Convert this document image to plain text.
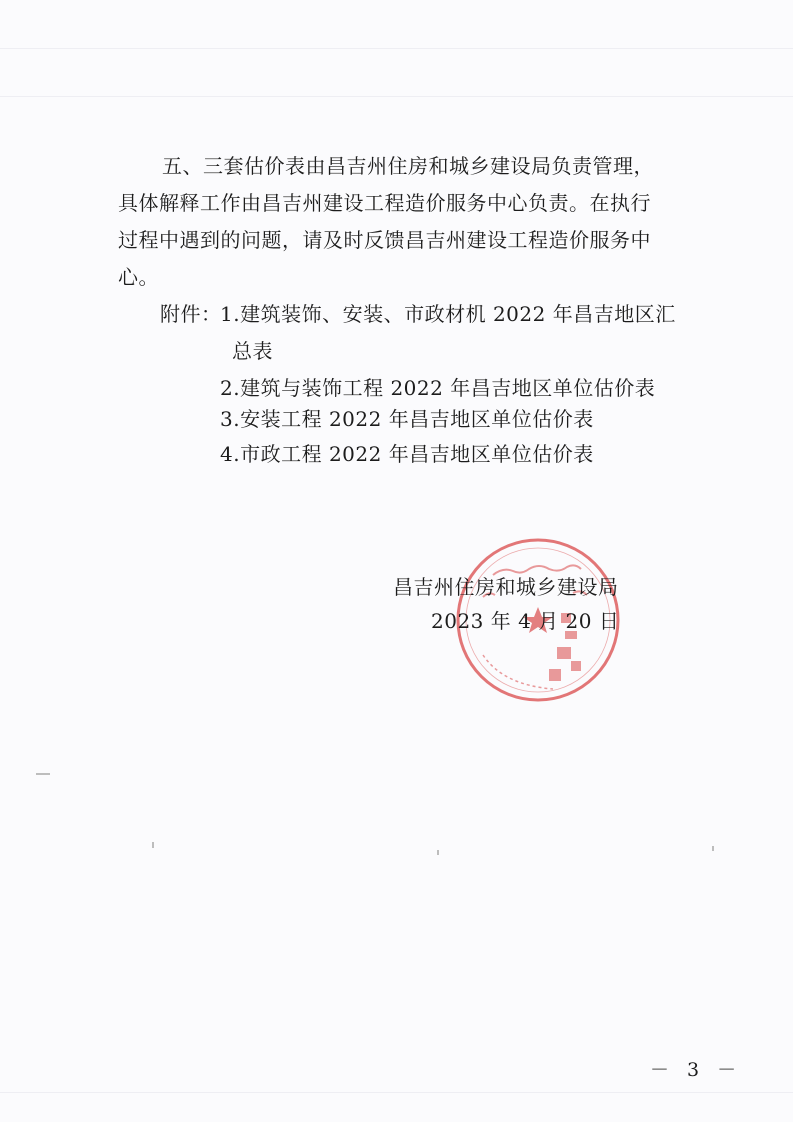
五、三套估价表由昌吉州住房和城乡建设局负责管理，
具体解释工作由昌吉州建设工程造价服务中心负责。在执行
过程中遇到的问题，请及时反馈昌吉州建设工程造价服务中
心。
附件：
1.建筑装饰、安装、市政材机 2022 年昌吉地区汇
总表
2.建筑与装饰工程 2022 年昌吉地区单位估价表
3.安装工程 2022 年昌吉地区单位估价表
4.市政工程 2022 年昌吉地区单位估价表
昌吉州住房和城乡建设局
2023 年 4 月 20 日
－ 3 －
